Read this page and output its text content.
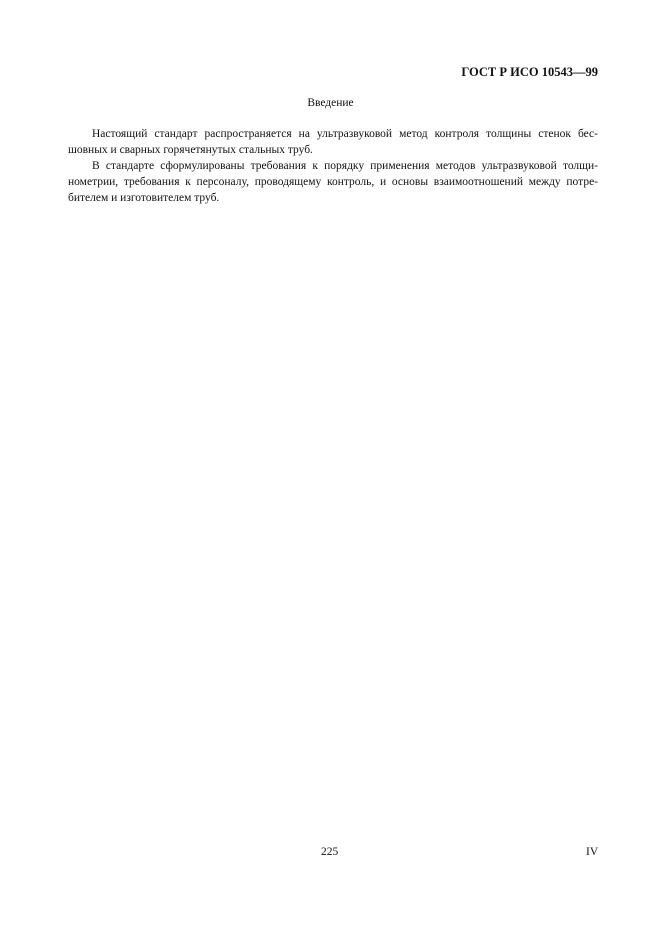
ГОСТ Р ИСО 10543—99
Введение
Настоящий стандарт распространяется на ультразвуковой метод контроля толщины стенок бес-
шовных и сварных горячетянутых стальных труб.
В стандарте сформулированы требования к порядку применения методов ультразвуковой толщи-
нометрии, требования к персоналу, проводящему контроль, и основы взаимоотношений между потре-
бителем и изготовителем труб.
225	IV
